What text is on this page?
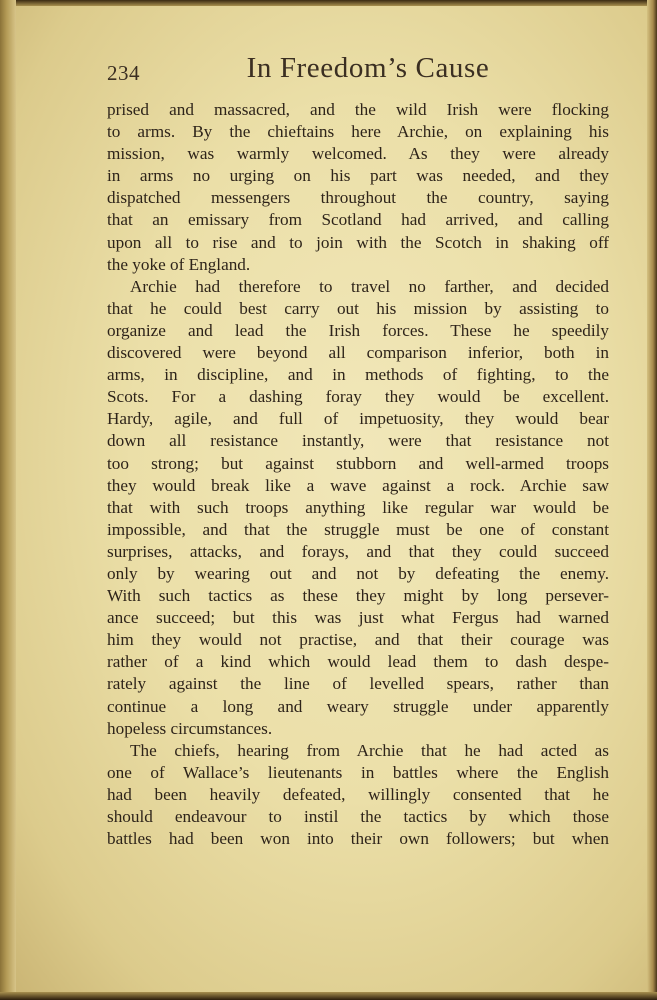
234	In Freedom’s Cause
prised and massacred, and the wild Irish were flocking
to arms. By the chieftains here Archie, on explaining his
mission, was warmly welcomed. As they were already
in arms no urging on his part was needed, and they
dispatched messengers throughout the country, saying
that an emissary from Scotland had arrived, and calling
upon all to rise and to join with the Scotch in shaking off
the yoke of England.
Archie had therefore to travel no farther, and decided
that he could best carry out his mission by assisting to
organize and lead the Irish forces. These he speedily
discovered were beyond all comparison inferior, both in
arms, in discipline, and in methods of fighting, to the
Scots. For a dashing foray they would be excellent.
Hardy, agile, and full of impetuosity, they would bear
down all resistance instantly, were that resistance not
too strong; but against stubborn and well-armed troops
they would break like a wave against a rock. Archie saw
that with such troops anything like regular war would be
impossible, and that the struggle must be one of constant
surprises, attacks, and forays, and that they could succeed
only by wearing out and not by defeating the enemy.
With such tactics as these they might by long persever-
ance succeed; but this was just what Fergus had warned
him they would not practise, and that their courage was
rather of a kind which would lead them to dash despe-
rately against the line of levelled spears, rather than
continue a long and weary struggle under apparently
hopeless circumstances.
The chiefs, hearing from Archie that he had acted as
one of Wallace’s lieutenants in battles where the English
had been heavily defeated, willingly consented that he
should endeavour to instil the tactics by which those
battles had been won into their own followers; but when
